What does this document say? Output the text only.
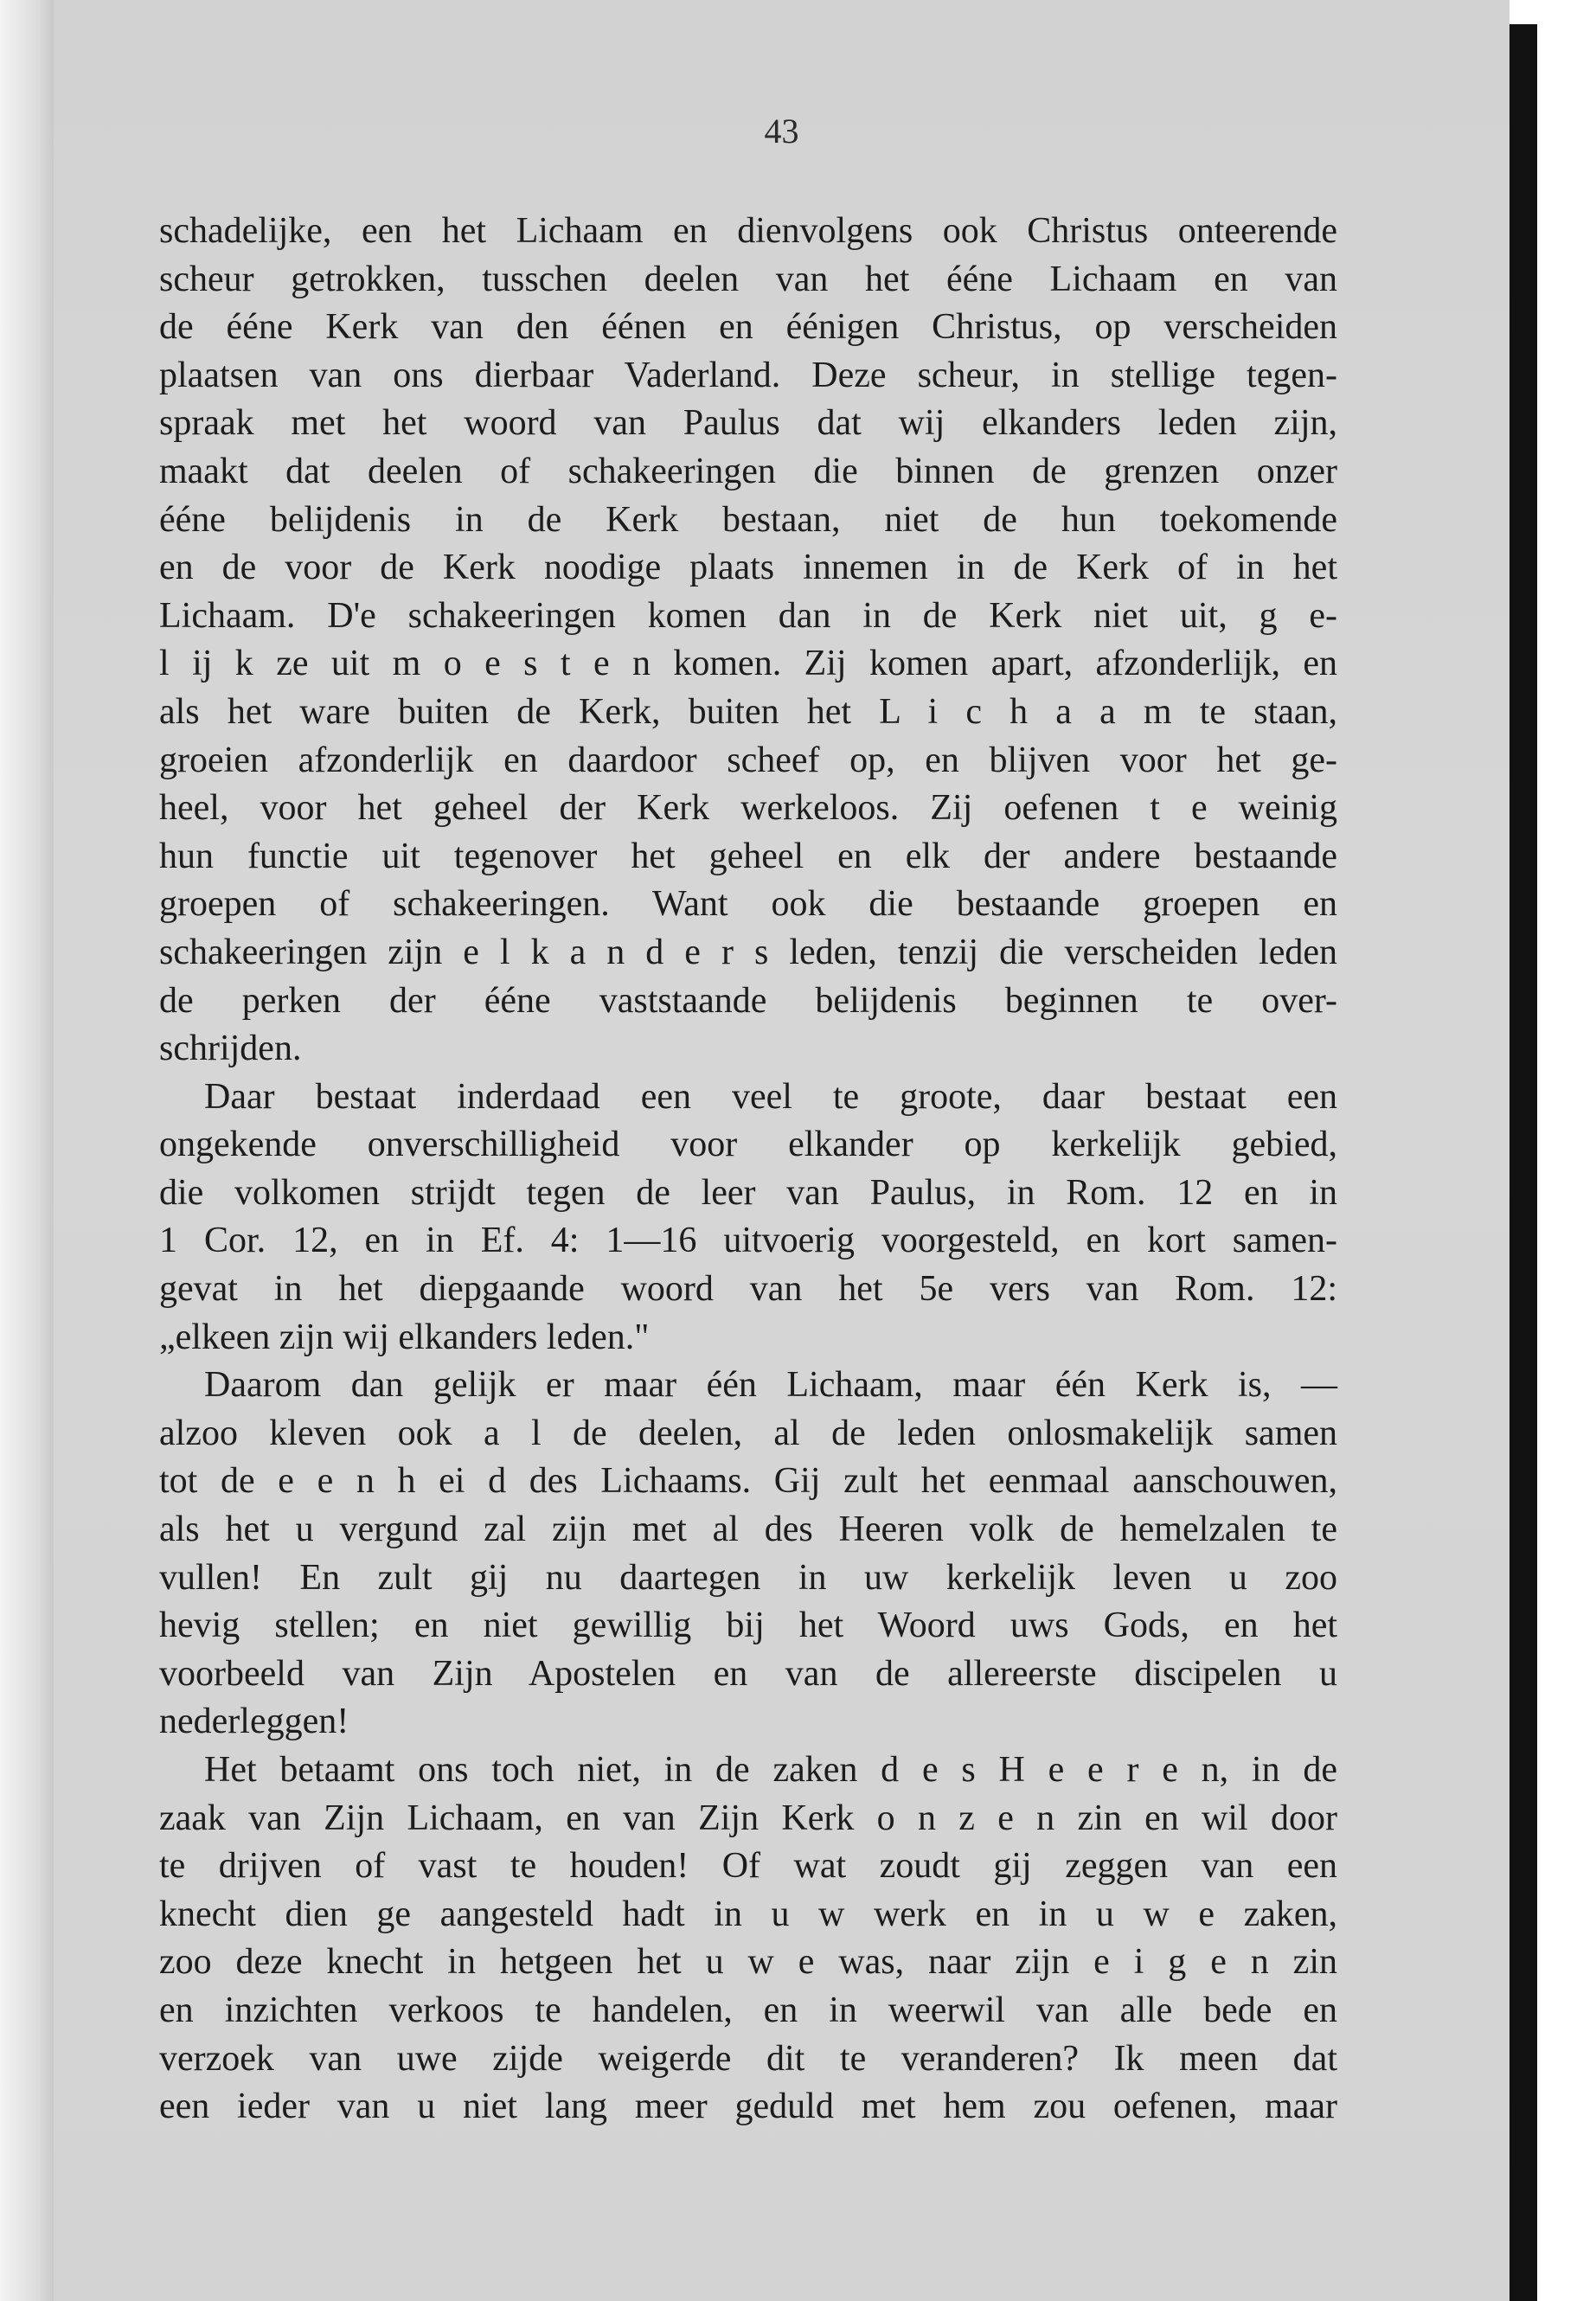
43

schadelijke, een het Lichaam en dienvolgens ook Christus onteerende
scheur getrokken, tusschen deelen van het ééne Lichaam en van
de ééne Kerk van den éénen en éénigen Christus, op verscheiden
plaatsen van ons dierbaar Vaderland. Deze scheur, in stellige tegen-
spraak met het woord van Paulus dat wij elkanders leden zijn,
maakt dat deelen of schakeeringen die binnen de grenzen onzer
ééne belijdenis in de Kerk bestaan, niet de hun toekomende
en de voor de Kerk noodige plaats innemen in de Kerk of in het
Lichaam. D'e schakeeringen komen dan in de Kerk niet uit, g e-
l ij k ze uit m o e s t e n komen. Zij komen apart, afzonderlijk, en
als het ware buiten de Kerk, buiten het L i c h a a m te staan,
groeien afzonderlijk en daardoor scheef op, en blijven voor het ge-
heel, voor het geheel der Kerk werkeloos. Zij oefenen t e weinig
hun functie uit tegenover het geheel en elk der andere bestaande
groepen of schakeeringen. Want ook die bestaande groepen en
schakeeringen zijn e l k a n d e r s leden, tenzij die verscheiden leden
de perken der ééne vaststaande belijdenis beginnen te over-
schrijden.
Daar bestaat inderdaad een veel te groote, daar bestaat een
ongekende onverschilligheid voor elkander op kerkelijk gebied,
die volkomen strijdt tegen de leer van Paulus, in Rom. 12 en in
1 Cor. 12, en in Ef. 4: 1—16 uitvoerig voorgesteld, en kort samen-
gevat in het diepgaande woord van het 5e vers van Rom. 12:
„elkeen zijn wij elkanders leden."
Daarom dan gelijk er maar één Lichaam, maar één Kerk is, —
alzoo kleven ook a l de deelen, al de leden onlosmakelijk samen
tot de e e n h ei d des Lichaams. Gij zult het eenmaal aanschouwen,
als het u vergund zal zijn met al des Heeren volk de hemelzalen te
vullen! En zult gij nu daartegen in uw kerkelijk leven u zoo
hevig stellen; en niet gewillig bij het Woord uws Gods, en het
voorbeeld van Zijn Apostelen en van de allereerste discipelen u
nederleggen!
Het betaamt ons toch niet, in de zaken d e s H e e r e n, in de
zaak van Zijn Lichaam, en van Zijn Kerk o n z e n zin en wil door
te drijven of vast te houden! Of wat zoudt gij zeggen van een
knecht dien ge aangesteld hadt in u w werk en in u w e zaken,
zoo deze knecht in hetgeen het u w e was, naar zijn e i g e n zin
en inzichten verkoos te handelen, en in weerwil van alle bede en
verzoek van uwe zijde weigerde dit te veranderen? Ik meen dat
een ieder van u niet lang meer geduld met hem zou oefenen, maar
